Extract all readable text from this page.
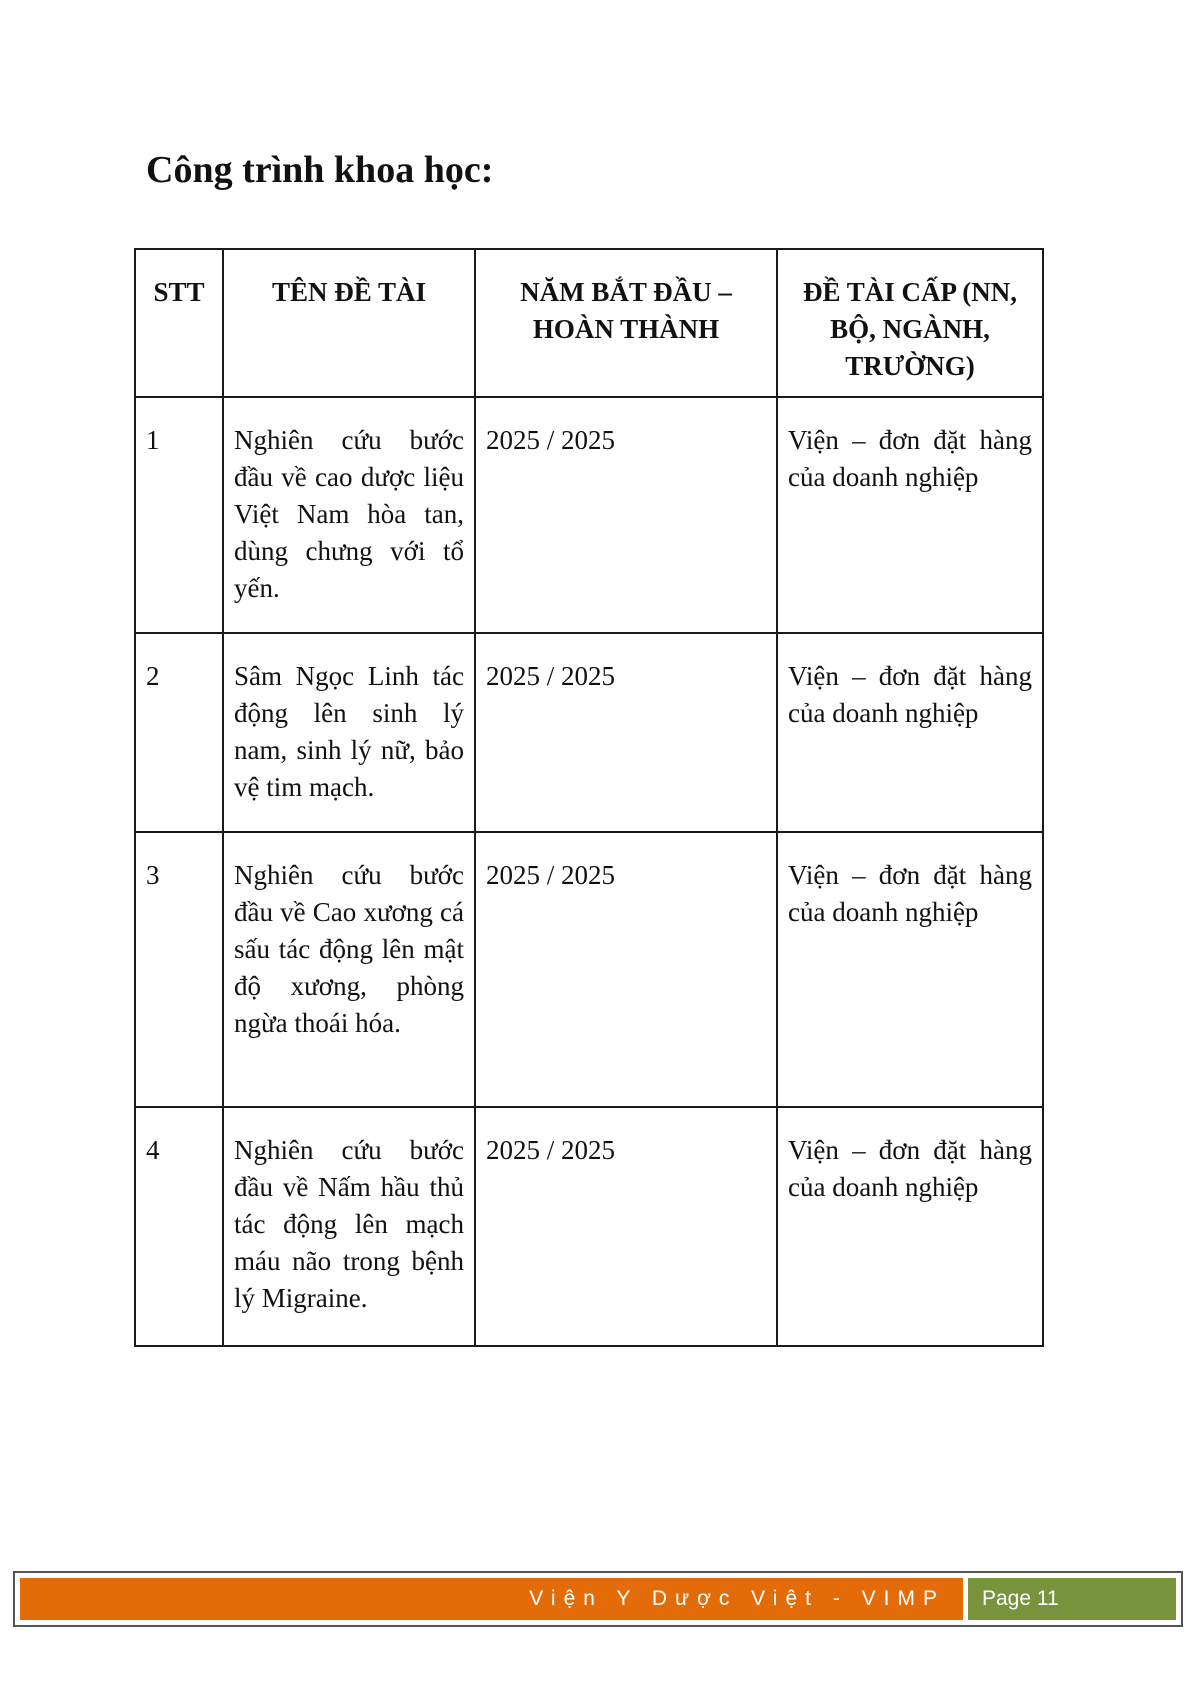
Công trình khoa học:
STT	TÊN ĐỀ TÀI	NĂM BẮT ĐẦU – HOÀN THÀNH	ĐỀ TÀI CẤP (NN, BỘ, NGÀNH, TRƯỜNG)
1	Nghiên cứu bước đầu về cao dược liệu Việt Nam hòa tan, dùng chưng với tổ yến.	2025 / 2025	Viện – đơn đặt hàng của doanh nghiệp
2	Sâm Ngọc Linh tác động lên sinh lý nam, sinh lý nữ, bảo vệ tim mạch.	2025 / 2025	Viện – đơn đặt hàng của doanh nghiệp
3	Nghiên cứu bước đầu về Cao xương cá sấu tác động lên mật độ xương, phòng ngừa thoái hóa.	2025 / 2025	Viện – đơn đặt hàng của doanh nghiệp
4	Nghiên cứu bước đầu về Nấm hầu thủ tác động lên mạch máu não trong bệnh lý Migraine.	2025 / 2025	Viện – đơn đặt hàng của doanh nghiệp
Viện Y Dược Việt - VIMP Page 11
